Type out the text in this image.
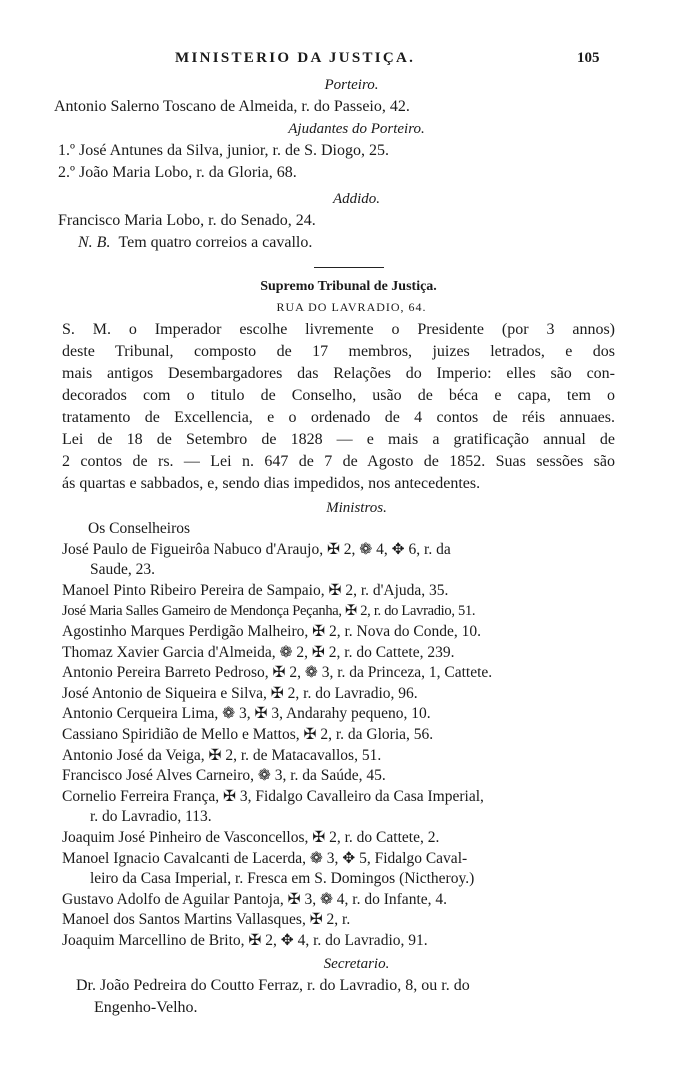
MINISTERIO DA JUSTIÇA.	105
Porteiro.
Antonio Salerno Toscano de Almeida, r. do Passeio, 42.
Ajudantes do Porteiro.
1.º José Antunes da Silva, junior, r. de S. Diogo, 25.
2.º João Maria Lobo, r. da Gloria, 68.
Addido.
Francisco Maria Lobo, r. do Senado, 24.
N. B. Tem quatro correios a cavallo.
Supremo Tribunal de Justiça.
RUA DO LAVRADIO, 64.
S. M. o Imperador escolhe livremente o Presidente (por 3 annos)
deste Tribunal, composto de 17 membros, juizes letrados, e dos
mais antigos Desembargadores das Relações do Imperio: elles são con-
decorados com o titulo de Conselho, usão de béca e capa, tem o
tratamento de Excellencia, e o ordenado de 4 contos de réis annuaes.
Lei de 18 de Setembro de 1828 — e mais a gratificação annual de
2 contos de rs. — Lei n. 647 de 7 de Agosto de 1852. Suas sessões são
ás quartas e sabbados, e, sendo dias impedidos, nos antecedentes.
Ministros.
Os Conselheiros
José Paulo de Figueirôa Nabuco d'Araujo, ✠ 2, ❁ 4, ✥ 6, r. da
Saude, 23.
Manoel Pinto Ribeiro Pereira de Sampaio, ✠ 2, r. d'Ajuda, 35.
José Maria Salles Gameiro de Mendonça Peçanha, ✠ 2, r. do Lavradio, 51.
Agostinho Marques Perdigão Malheiro, ✠ 2, r. Nova do Conde, 10.
Thomaz Xavier Garcia d'Almeida, ❁ 2, ✠ 2, r. do Cattete, 239.
Antonio Pereira Barreto Pedroso, ✠ 2, ❁ 3, r. da Princeza, 1, Cattete.
José Antonio de Siqueira e Silva, ✠ 2, r. do Lavradio, 96.
Antonio Cerqueira Lima, ❁ 3, ✠ 3, Andarahy pequeno, 10.
Cassiano Spiridião de Mello e Mattos, ✠ 2, r. da Gloria, 56.
Antonio José da Veiga, ✠ 2, r. de Matacavallos, 51.
Francisco José Alves Carneiro, ❁ 3, r. da Saúde, 45.
Cornelio Ferreira França, ✠ 3, Fidalgo Cavalleiro da Casa Imperial,
r. do Lavradio, 113.
Joaquim José Pinheiro de Vasconcellos, ✠ 2, r. do Cattete, 2.
Manoel Ignacio Cavalcanti de Lacerda, ❁ 3, ✥ 5, Fidalgo Caval-
leiro da Casa Imperial, r. Fresca em S. Domingos (Nictheroy.)
Gustavo Adolfo de Aguilar Pantoja, ✠ 3, ❁ 4, r. do Infante, 4.
Manoel dos Santos Martins Vallasques, ✠ 2, r.
Joaquim Marcellino de Brito, ✠ 2, ✥ 4, r. do Lavradio, 91.
Secretario.
Dr. João Pedreira do Coutto Ferraz, r. do Lavradio, 8, ou r. do
Engenho-Velho.
